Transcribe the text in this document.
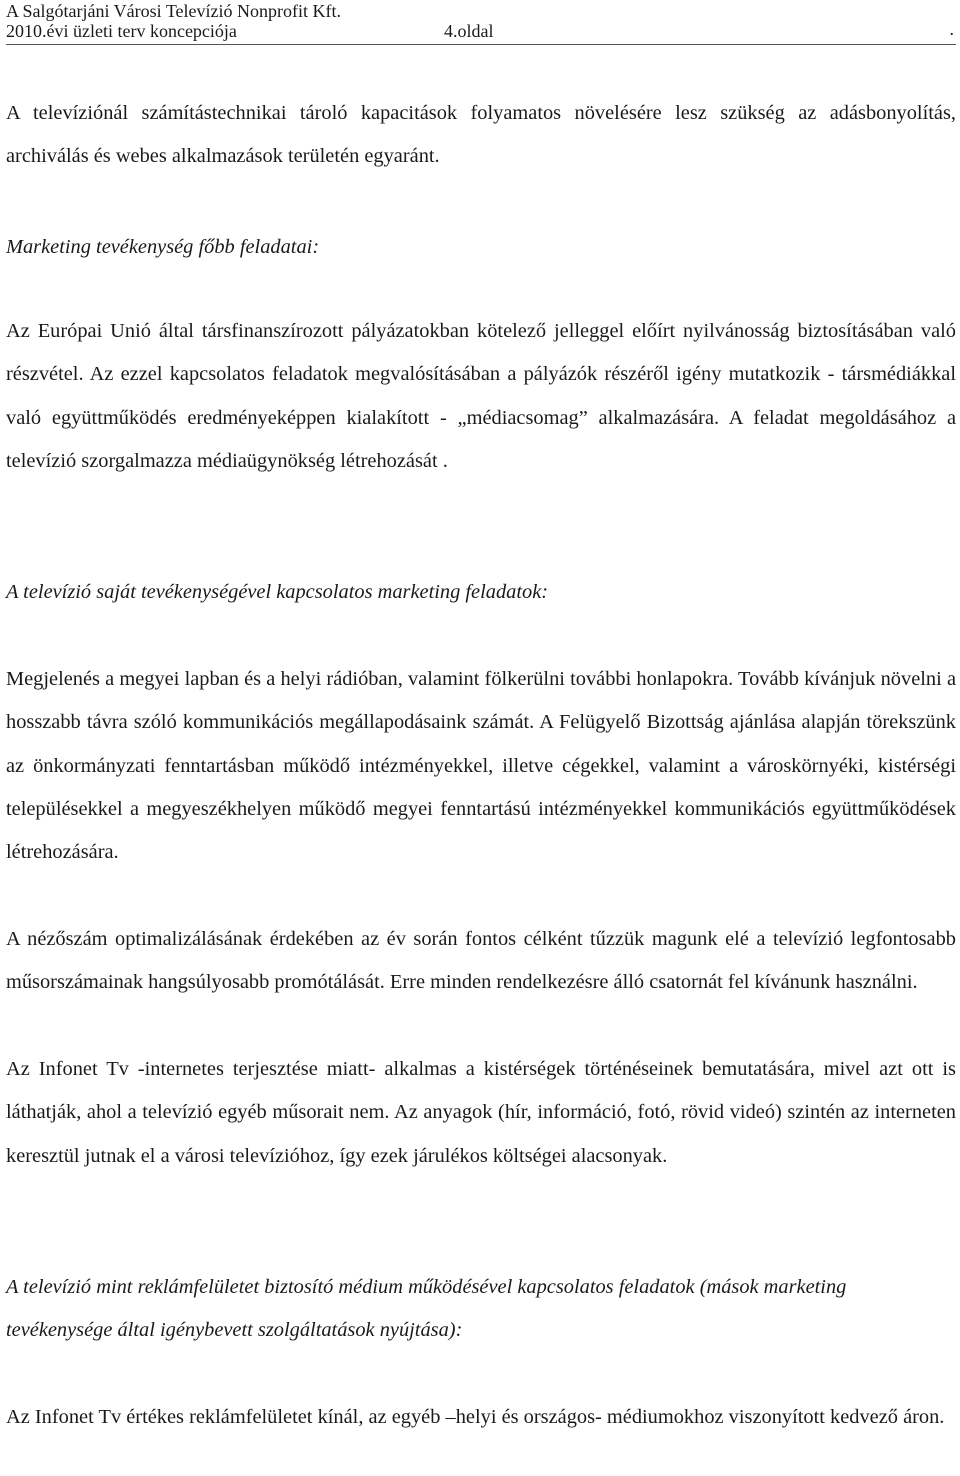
A Salgótarjáni Városi Televízió Nonprofit Kft.
2010.évi üzleti terv koncepciója	4.oldal	.

A televíziónál számítástechnikai tároló kapacitások folyamatos növelésére lesz szükség az adásbonyolítás, archiválás és webes alkalmazások területén egyaránt.

Marketing tevékenység főbb feladatai:

Az Európai Unió által társfinanszírozott pályázatokban kötelező jelleggel előírt nyilvánosság biztosításában való részvétel. Az ezzel kapcsolatos feladatok megvalósításában a pályázók részéről igény mutatkozik - társmédiákkal való együttműködés eredményeképpen kialakított - „médiacsomag” alkalmazására. A feladat megoldásához a televízió szorgalmazza médiaügynökség létrehozását .

A televízió saját tevékenységével kapcsolatos marketing feladatok:

Megjelenés a megyei lapban és a helyi rádióban, valamint fölkerülni további honlapokra. Tovább kívánjuk növelni a hosszabb távra szóló kommunikációs megállapodásaink számát. A Felügyelő Bizottság ajánlása alapján törekszünk az önkormányzati fenntartásban működő intézményekkel, illetve cégekkel, valamint a városkörnyéki, kistérségi településekkel a megyeszékhelyen működő megyei fenntartású intézményekkel kommunikációs együttműködések létrehozására.

A nézőszám optimalizálásának érdekében az év során fontos célként tűzzük magunk elé a televízió legfontosabb műsorszámainak hangsúlyosabb promótálását. Erre minden rendelkezésre álló csatornát fel kívánunk használni.

Az Infonet Tv -internetes terjesztése miatt- alkalmas a kistérségek történéseinek bemutatására, mivel azt ott is láthatják, ahol a televízió egyéb műsorait nem. Az anyagok (hír, információ, fotó, rövid videó) szintén az interneten keresztül jutnak el a városi televízióhoz, így ezek járulékos költségei alacsonyak.

A televízió mint reklámfelületet biztosító médium működésével kapcsolatos feladatok (mások marketing tevékenysége által igénybevett szolgáltatások nyújtása):

Az Infonet Tv értékes reklámfelületet kínál, az egyéb –helyi és országos- médiumokhoz viszonyított kedvező áron.
